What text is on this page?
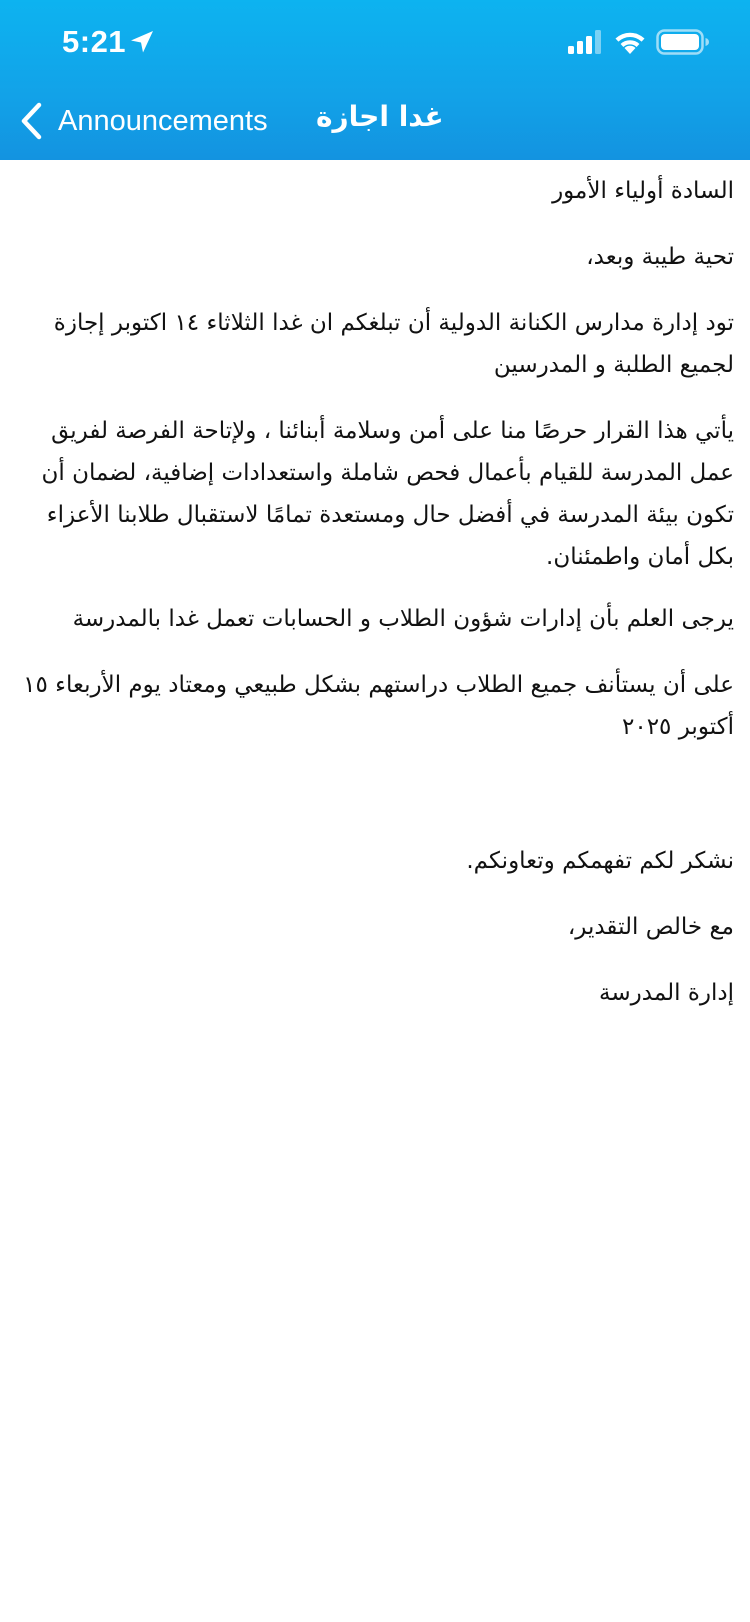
5:21
Announcements غدا اجازة
السادة أولياء الأمور
تحية طيبة وبعد،
تود إدارة مدارس الكنانة الدولية أن تبلغكم ان غدا الثلاثاء ١٤ اكتوبر إجازة لجميع الطلبة و المدرسين
يأتي هذا القرار حرصًا منا على أمن وسلامة أبنائنا ، ولإتاحة الفرصة لفريق عمل المدرسة للقيام بأعمال فحص شاملة واستعدادات إضافية، لضمان أن تكون بيئة المدرسة في أفضل حال ومستعدة تمامًا لاستقبال طلابنا الأعزاء بكل أمان واطمئنان.
يرجى العلم بأن إدارات شؤون الطلاب و الحسابات تعمل غدا بالمدرسة
على أن يستأنف جميع الطلاب دراستهم بشكل طبيعي ومعتاد يوم الأربعاء ١٥ أكتوبر ٢٠٢٥
نشكر لكم تفهمكم وتعاونكم.
مع خالص التقدير،
إدارة المدرسة
